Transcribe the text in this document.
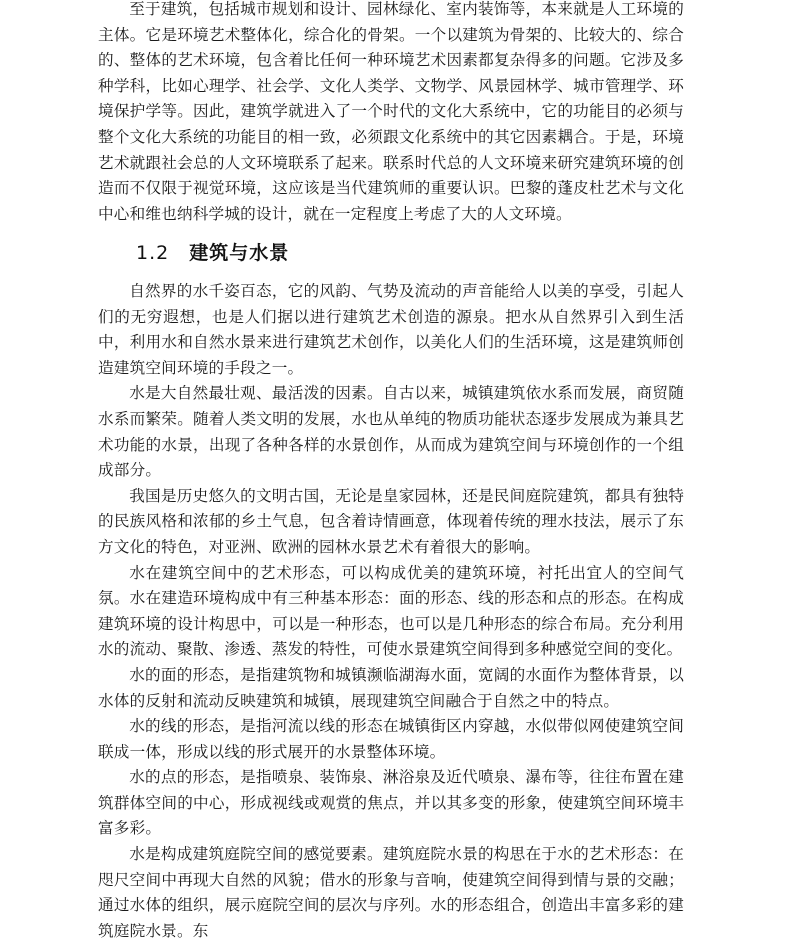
至于建筑，包括城市规划和设计、园林绿化、室内装饰等，本来就是人工环境的主体。它是环境艺术整体化，综合化的骨架。一个以建筑为骨架的、比较大的、综合的、整体的艺术环境，包含着比任何一种环境艺术因素都复杂得多的问题。它涉及多种学科，比如心理学、社会学、文化人类学、文物学、风景园林学、城市管理学、环境保护学等。因此，建筑学就进入了一个时代的文化大系统中，它的功能目的必须与整个文化大系统的功能目的相一致，必须跟文化系统中的其它因素耦合。于是，环境艺术就跟社会总的人文环境联系了起来。联系时代总的人文环境来研究建筑环境的创造而不仅限于视觉环境，这应该是当代建筑师的重要认识。巴黎的蓬皮杜艺术与文化中心和维也纳科学城的设计，就在一定程度上考虑了大的人文环境。

1.2 建筑与水景

自然界的水千姿百态，它的风韵、气势及流动的声音能给人以美的享受，引起人们的无穷遐想，也是人们据以进行建筑艺术创造的源泉。把水从自然界引入到生活中，利用水和自然水景来进行建筑艺术创作，以美化人们的生活环境，这是建筑师创造建筑空间环境的手段之一。

水是大自然最壮观、最活泼的因素。自古以来，城镇建筑依水系而发展，商贸随水系而繁荣。随着人类文明的发展，水也从单纯的物质功能状态逐步发展成为兼具艺术功能的水景，出现了各种各样的水景创作，从而成为建筑空间与环境创作的一个组成部分。

我国是历史悠久的文明古国，无论是皇家园林，还是民间庭院建筑，都具有独特的民族风格和浓郁的乡土气息，包含着诗情画意，体现着传统的理水技法，展示了东方文化的特色，对亚洲、欧洲的园林水景艺术有着很大的影响。

水在建筑空间中的艺术形态，可以构成优美的建筑环境，衬托出宜人的空间气氛。水在建造环境构成中有三种基本形态：面的形态、线的形态和点的形态。在构成建筑环境的设计构思中，可以是一种形态，也可以是几种形态的综合布局。充分利用水的流动、聚散、渗透、蒸发的特性，可使水景建筑空间得到多种感觉空间的变化。

水的面的形态，是指建筑物和城镇濒临湖海水面，宽阔的水面作为整体背景，以水体的反射和流动反映建筑和城镇，展现建筑空间融合于自然之中的特点。

水的线的形态，是指河流以线的形态在城镇街区内穿越，水似带似网使建筑空间联成一体，形成以线的形式展开的水景整体环境。

水的点的形态，是指喷泉、装饰泉、淋浴泉及近代喷泉、瀑布等，往往布置在建筑群体空间的中心，形成视线或观赏的焦点，并以其多变的形象，使建筑空间环境丰富多彩。

水是构成建筑庭院空间的感觉要素。建筑庭院水景的构思在于水的艺术形态：在咫尺空间中再现大自然的风貌；借水的形象与音响，使建筑空间得到情与景的交融；通过水体的组织，展示庭院空间的层次与序列。水的形态组合，创造出丰富多彩的建筑庭院水景。东
